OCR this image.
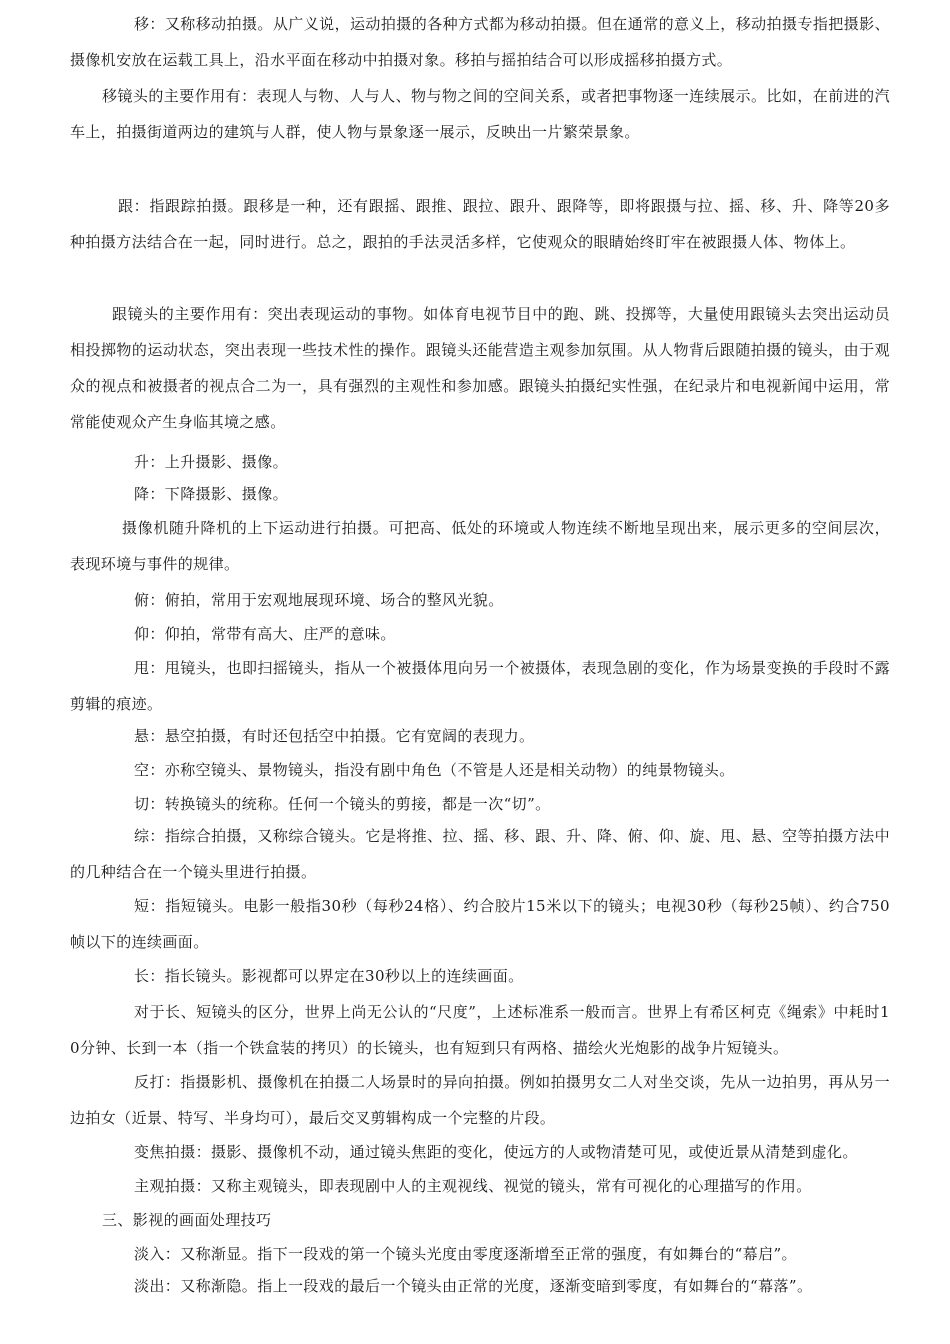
移：又称移动拍摄。从广义说，运动拍摄的各种方式都为移动拍摄。但在通常的意义上，移动拍摄专指把摄影、摄像机安放在运载工具上，沿水平面在移动中拍摄对象。移拍与摇拍结合可以形成摇移拍摄方式。

移镜头的主要作用有：表现人与物、人与人、物与物之间的空间关系，或者把事物逐一连续展示。比如，在前进的汽车上，拍摄街道两边的建筑与人群，使人物与景象逐一展示，反映出一片繁荣景象。

跟：指跟踪拍摄。跟移是一种，还有跟摇、跟推、跟拉、跟升、跟降等，即将跟摄与拉、摇、移、升、降等20多种拍摄方法结合在一起，同时进行。总之，跟拍的手法灵活多样，它使观众的眼睛始终盯牢在被跟摄人体、物体上。

跟镜头的主要作用有：突出表现运动的事物。如体育电视节目中的跑、跳、投掷等，大量使用跟镜头去突出运动员相投掷物的运动状态，突出表现一些技术性的操作。跟镜头还能营造主观参加氛围。从人物背后跟随拍摄的镜头，由于观众的视点和被摄者的视点合二为一，具有强烈的主观性和参加感。跟镜头拍摄纪实性强，在纪录片和电视新闻中运用，常常能使观众产生身临其境之感。

升：上升摄影、摄像。

降：下降摄影、摄像。

摄像机随升降机的上下运动进行拍摄。可把高、低处的环境或人物连续不断地呈现出来，展示更多的空间层次，表现环境与事件的规律。

俯：俯拍，常用于宏观地展现环境、场合的整风光貌。

仰：仰拍，常带有高大、庄严的意味。

甩：甩镜头，也即扫摇镜头，指从一个被摄体甩向另一个被摄体，表现急剧的变化，作为场景变换的手段时不露剪辑的痕迹。

悬：悬空拍摄，有时还包括空中拍摄。它有宽阔的表现力。

空：亦称空镜头、景物镜头，指没有剧中角色（不管是人还是相关动物）的纯景物镜头。

切：转换镜头的统称。任何一个镜头的剪接，都是一次“切”。

综：指综合拍摄，又称综合镜头。它是将推、拉、摇、移、跟、升、降、俯、仰、旋、甩、悬、空等拍摄方法中的几种结合在一个镜头里进行拍摄。

短：指短镜头。电影一般指30秒（每秒24格）、约合胶片15米以下的镜头；电视30秒（每秒25帧）、约合750帧以下的连续画面。

长：指长镜头。影视都可以界定在30秒以上的连续画面。

对于长、短镜头的区分，世界上尚无公认的“尺度”，上述标准系一般而言。世界上有希区柯克《绳索》中耗时10分钟、长到一本（指一个铁盒装的拷贝）的长镜头，也有短到只有两格、描绘火光炮影的战争片短镜头。

反打：指摄影机、摄像机在拍摄二人场景时的异向拍摄。例如拍摄男女二人对坐交谈，先从一边拍男，再从另一边拍女（近景、特写、半身均可），最后交叉剪辑构成一个完整的片段。

变焦拍摄：摄影、摄像机不动，通过镜头焦距的变化，使远方的人或物清楚可见，或使近景从清楚到虚化。

主观拍摄：又称主观镜头，即表现剧中人的主观视线、视觉的镜头，常有可视化的心理描写的作用。

三、影视的画面处理技巧

淡入：又称渐显。指下一段戏的第一个镜头光度由零度逐渐增至正常的强度，有如舞台的“幕启”。

淡出：又称渐隐。指上一段戏的最后一个镜头由正常的光度，逐渐变暗到零度，有如舞台的“幕落”。
